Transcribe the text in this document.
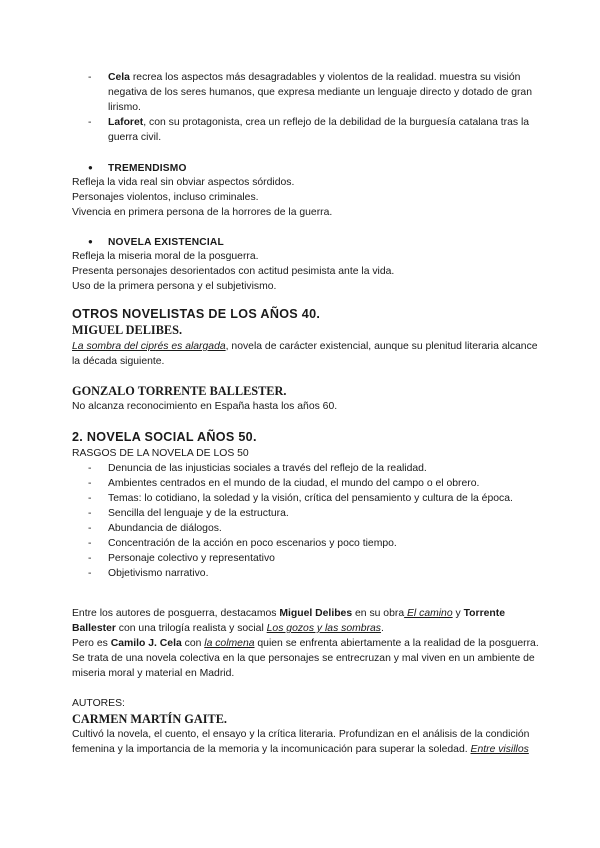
- Cela recrea los aspectos más desagradables y violentos de la realidad. muestra su visión negativa de los seres humanos, que expresa mediante un lenguaje directo y dotado de gran lirismo.
- Laforet, con su protagonista, crea un reflejo de la debilidad de la burguesía catalana tras la guerra civil.
● TREMENDISMO

Refleja la vida real sin obviar aspectos sórdidos.

Personajes violentos, incluso criminales.

Vivencia en primera persona de la horrores de la guerra.

● NOVELA EXISTENCIAL

Refleja la miseria moral de la posguerra.

Presenta personajes desorientados con actitud pesimista ante la vida.

Uso de la primera persona y el subjetivismo.

OTROS NOVELISTAS DE LOS AÑOS 40.
MIGUEL DELIBES.

La sombra del ciprés es alargada, novela de carácter existencial, aunque su plenitud literaria alcance la década siguiente.

GONZALO TORRENTE BALLESTER.

No alcanza reconocimiento en España hasta los años 60.

2. NOVELA SOCIAL AÑOS 50.

RASGOS DE LA NOVELA DE LOS 50

- Denuncia de las injusticias sociales a través del reflejo de la realidad.
- Ambientes centrados en el mundo de la ciudad, el mundo del campo o el obrero.
- Temas: lo cotidiano, la soledad y la visión, crítica del pensamiento y cultura de la época.
- Sencilla del lenguaje y de la estructura.
- Abundancia de diálogos.
- Concentración de la acción en poco escenarios y poco tiempo.
- Personaje colectivo y representativo
- Objetivismo narrativo.

Entre los autores de posguerra, destacamos Miguel Delibes en su obra El camino y Torrente Ballester con una trilogía realista y social Los gozos y las sombras.

Pero es Camilo J. Cela con la colmena quien se enfrenta abiertamente a la realidad de la posguerra. Se trata de una novela colectiva en la que personajes se entrecruzan y mal viven en un ambiente de miseria moral y material en Madrid.

AUTORES:

CARMEN MARTÍN GAITE.

Cultivó la novela, el cuento, el ensayo y la crítica literaria. Profundizan en el análisis de la condición femenina y la importancia de la memoria y la incomunicación para superar la soledad. Entre visillos
